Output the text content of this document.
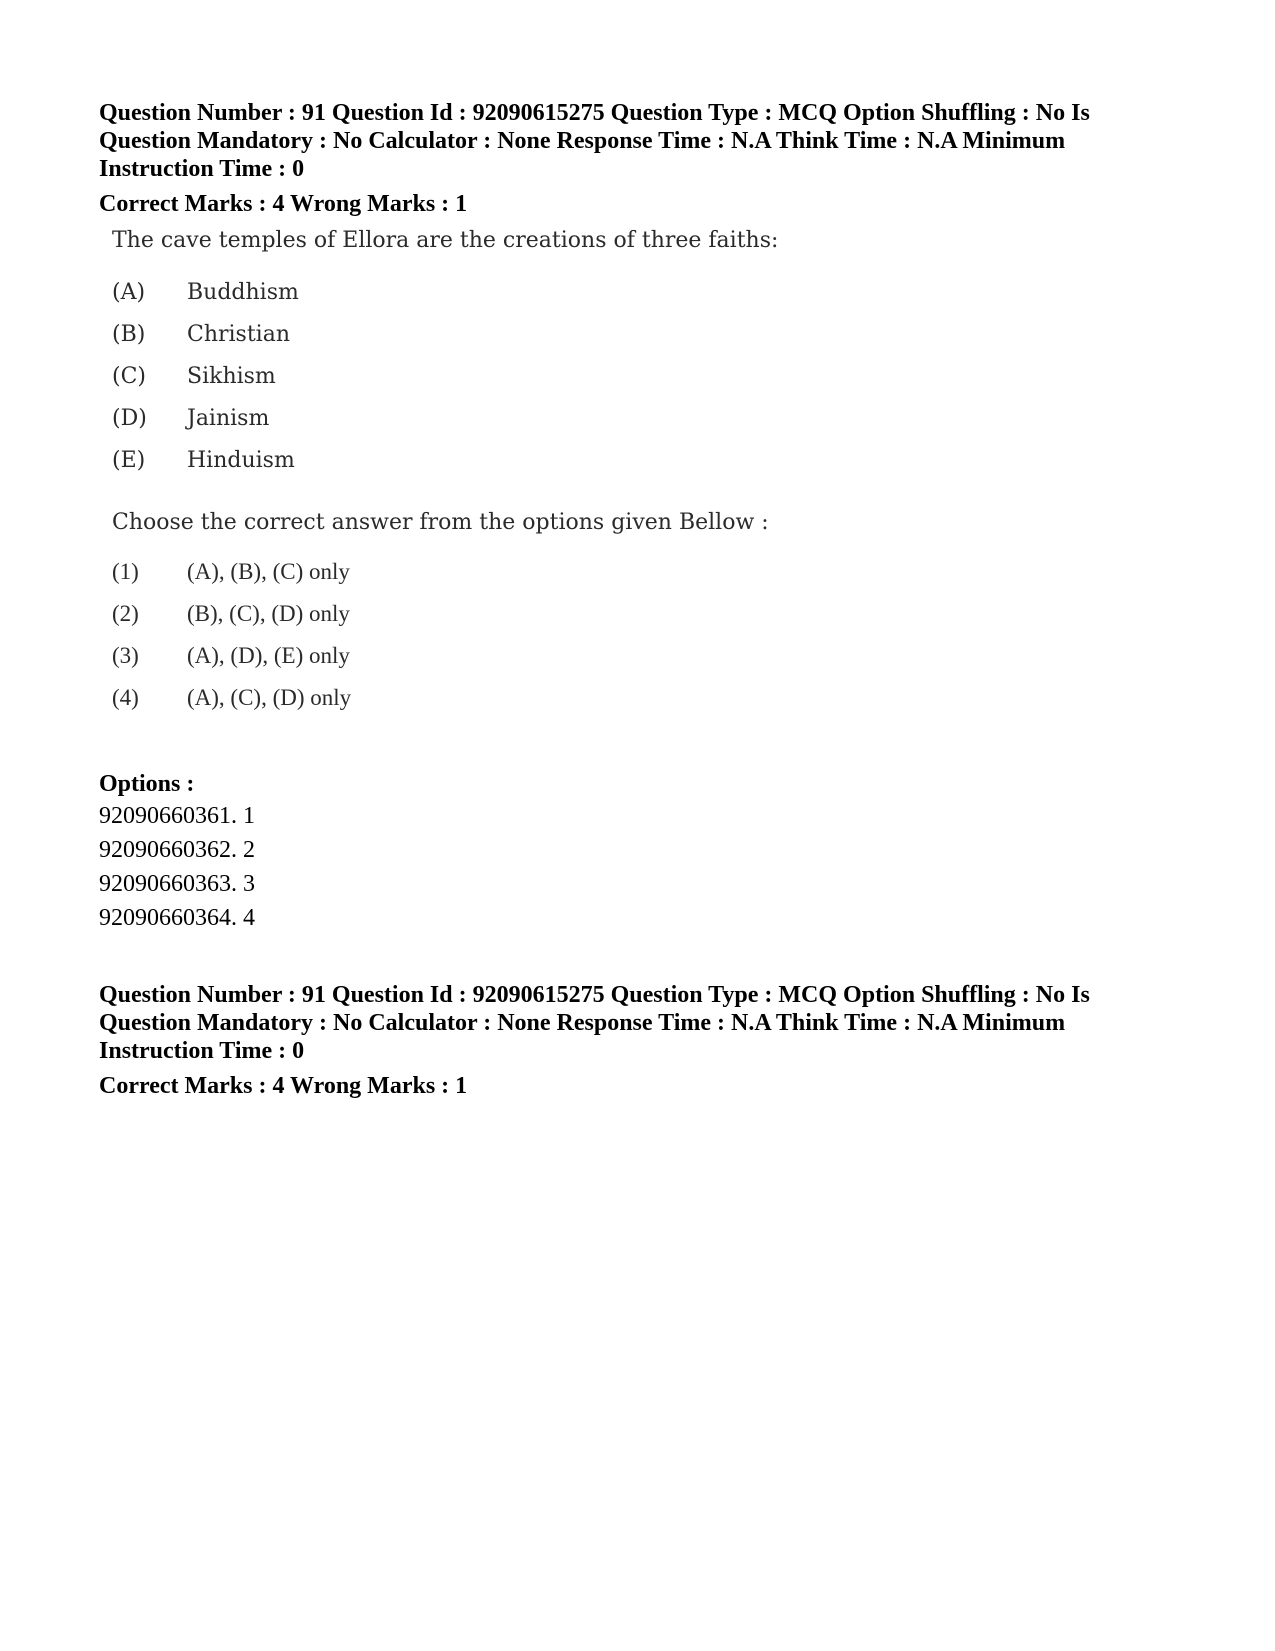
Question Number : 91 Question Id : 92090615275 Question Type : MCQ Option Shuffling : No Is
Question Mandatory : No Calculator : None Response Time : N.A Think Time : N.A Minimum
Instruction Time : 0
Correct Marks : 4 Wrong Marks : 1
The cave temples of Ellora are the creations of three faiths:
(A) Buddhism
(B) Christian
(C) Sikhism
(D) Jainism
(E) Hinduism
Choose the correct answer from the options given Bellow :
(1) (A), (B), (C) only
(2) (B), (C), (D) only
(3) (A), (D), (E) only
(4) (A), (C), (D) only
Options :
92090660361. 1
92090660362. 2
92090660363. 3
92090660364. 4
Question Number : 91 Question Id : 92090615275 Question Type : MCQ Option Shuffling : No Is
Question Mandatory : No Calculator : None Response Time : N.A Think Time : N.A Minimum
Instruction Time : 0
Correct Marks : 4 Wrong Marks : 1
